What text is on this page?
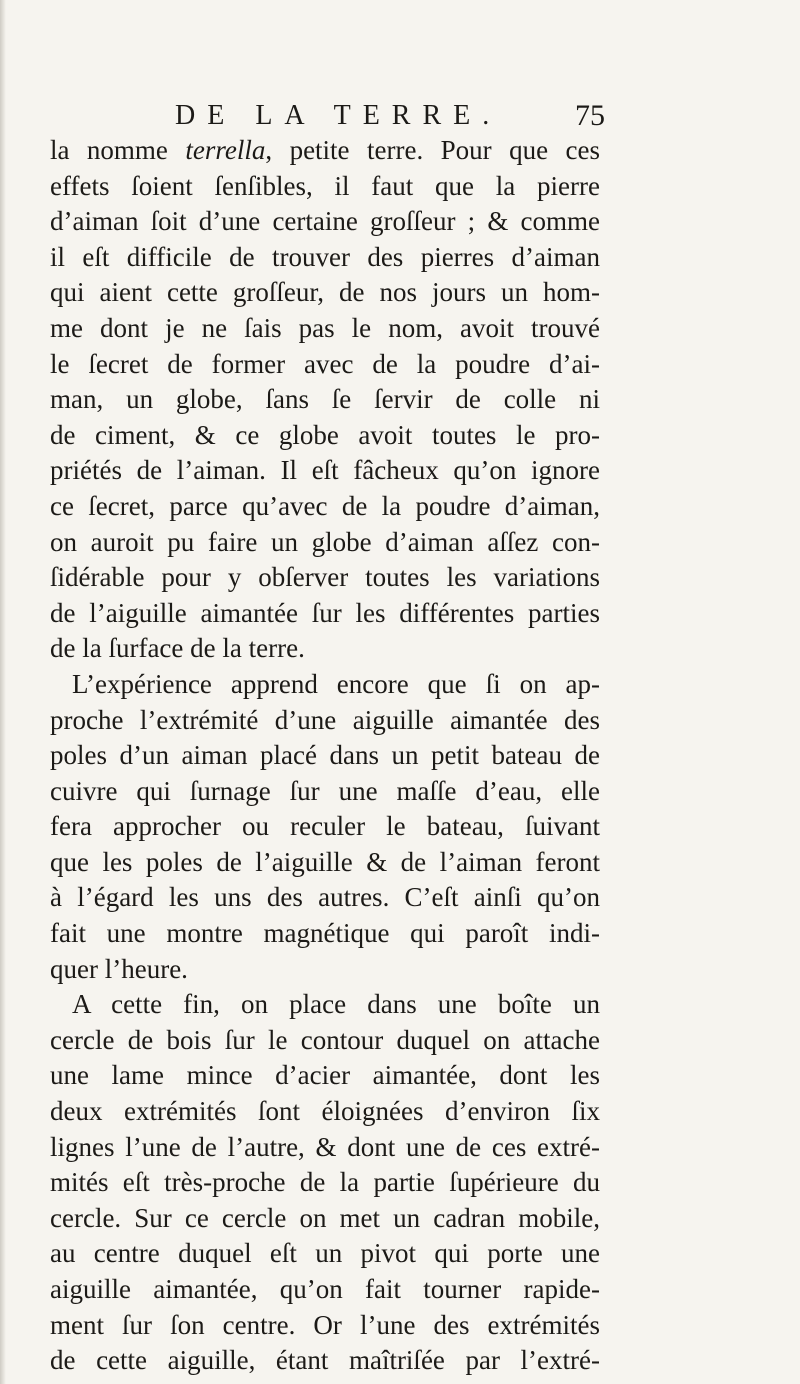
DE LA TERRE. 75
la nomme terrella, petite terre. Pour que ces
effets ſoient ſenſibles, il faut que la pierre
d’aiman ſoit d’une certaine groſſeur ; & comme
il eſt difficile de trouver des pierres d’aiman
qui aient cette groſſeur, de nos jours un hom-
me dont je ne ſais pas le nom, avoit trouvé
le ſecret de former avec de la poudre d’ai-
man, un globe, ſans ſe ſervir de colle ni
de ciment, & ce globe avoit toutes le pro-
priétés de l’aiman. Il eſt fâcheux qu’on ignore
ce ſecret, parce qu’avec de la poudre d’aiman,
on auroit pu faire un globe d’aiman aſſez con-
ſidérable pour y obſerver toutes les variations
de l’aiguille aimantée ſur les différentes parties
de la ſurface de la terre.
L’expérience apprend encore que ſi on ap-
proche l’extrémité d’une aiguille aimantée des
poles d’un aiman placé dans un petit bateau de
cuivre qui ſurnage ſur une maſſe d’eau, elle
fera approcher ou reculer le bateau, ſuivant
que les poles de l’aiguille & de l’aiman feront
à l’égard les uns des autres. C’eſt ainſi qu’on
fait une montre magnétique qui paroît indi-
quer l’heure.
A cette fin, on place dans une boîte un
cercle de bois ſur le contour duquel on attache
une lame mince d’acier aimantée, dont les
deux extrémités ſont éloignées d’environ ſix
lignes l’une de l’autre, & dont une de ces extré-
mités eſt très-proche de la partie ſupérieure du
cercle. Sur ce cercle on met un cadran mobile,
au centre duquel eſt un pivot qui porte une
aiguille aimantée, qu’on fait tourner rapide-
ment ſur ſon centre. Or l’une des extrémités
de cette aiguille, étant maîtriſée par l’extré-
